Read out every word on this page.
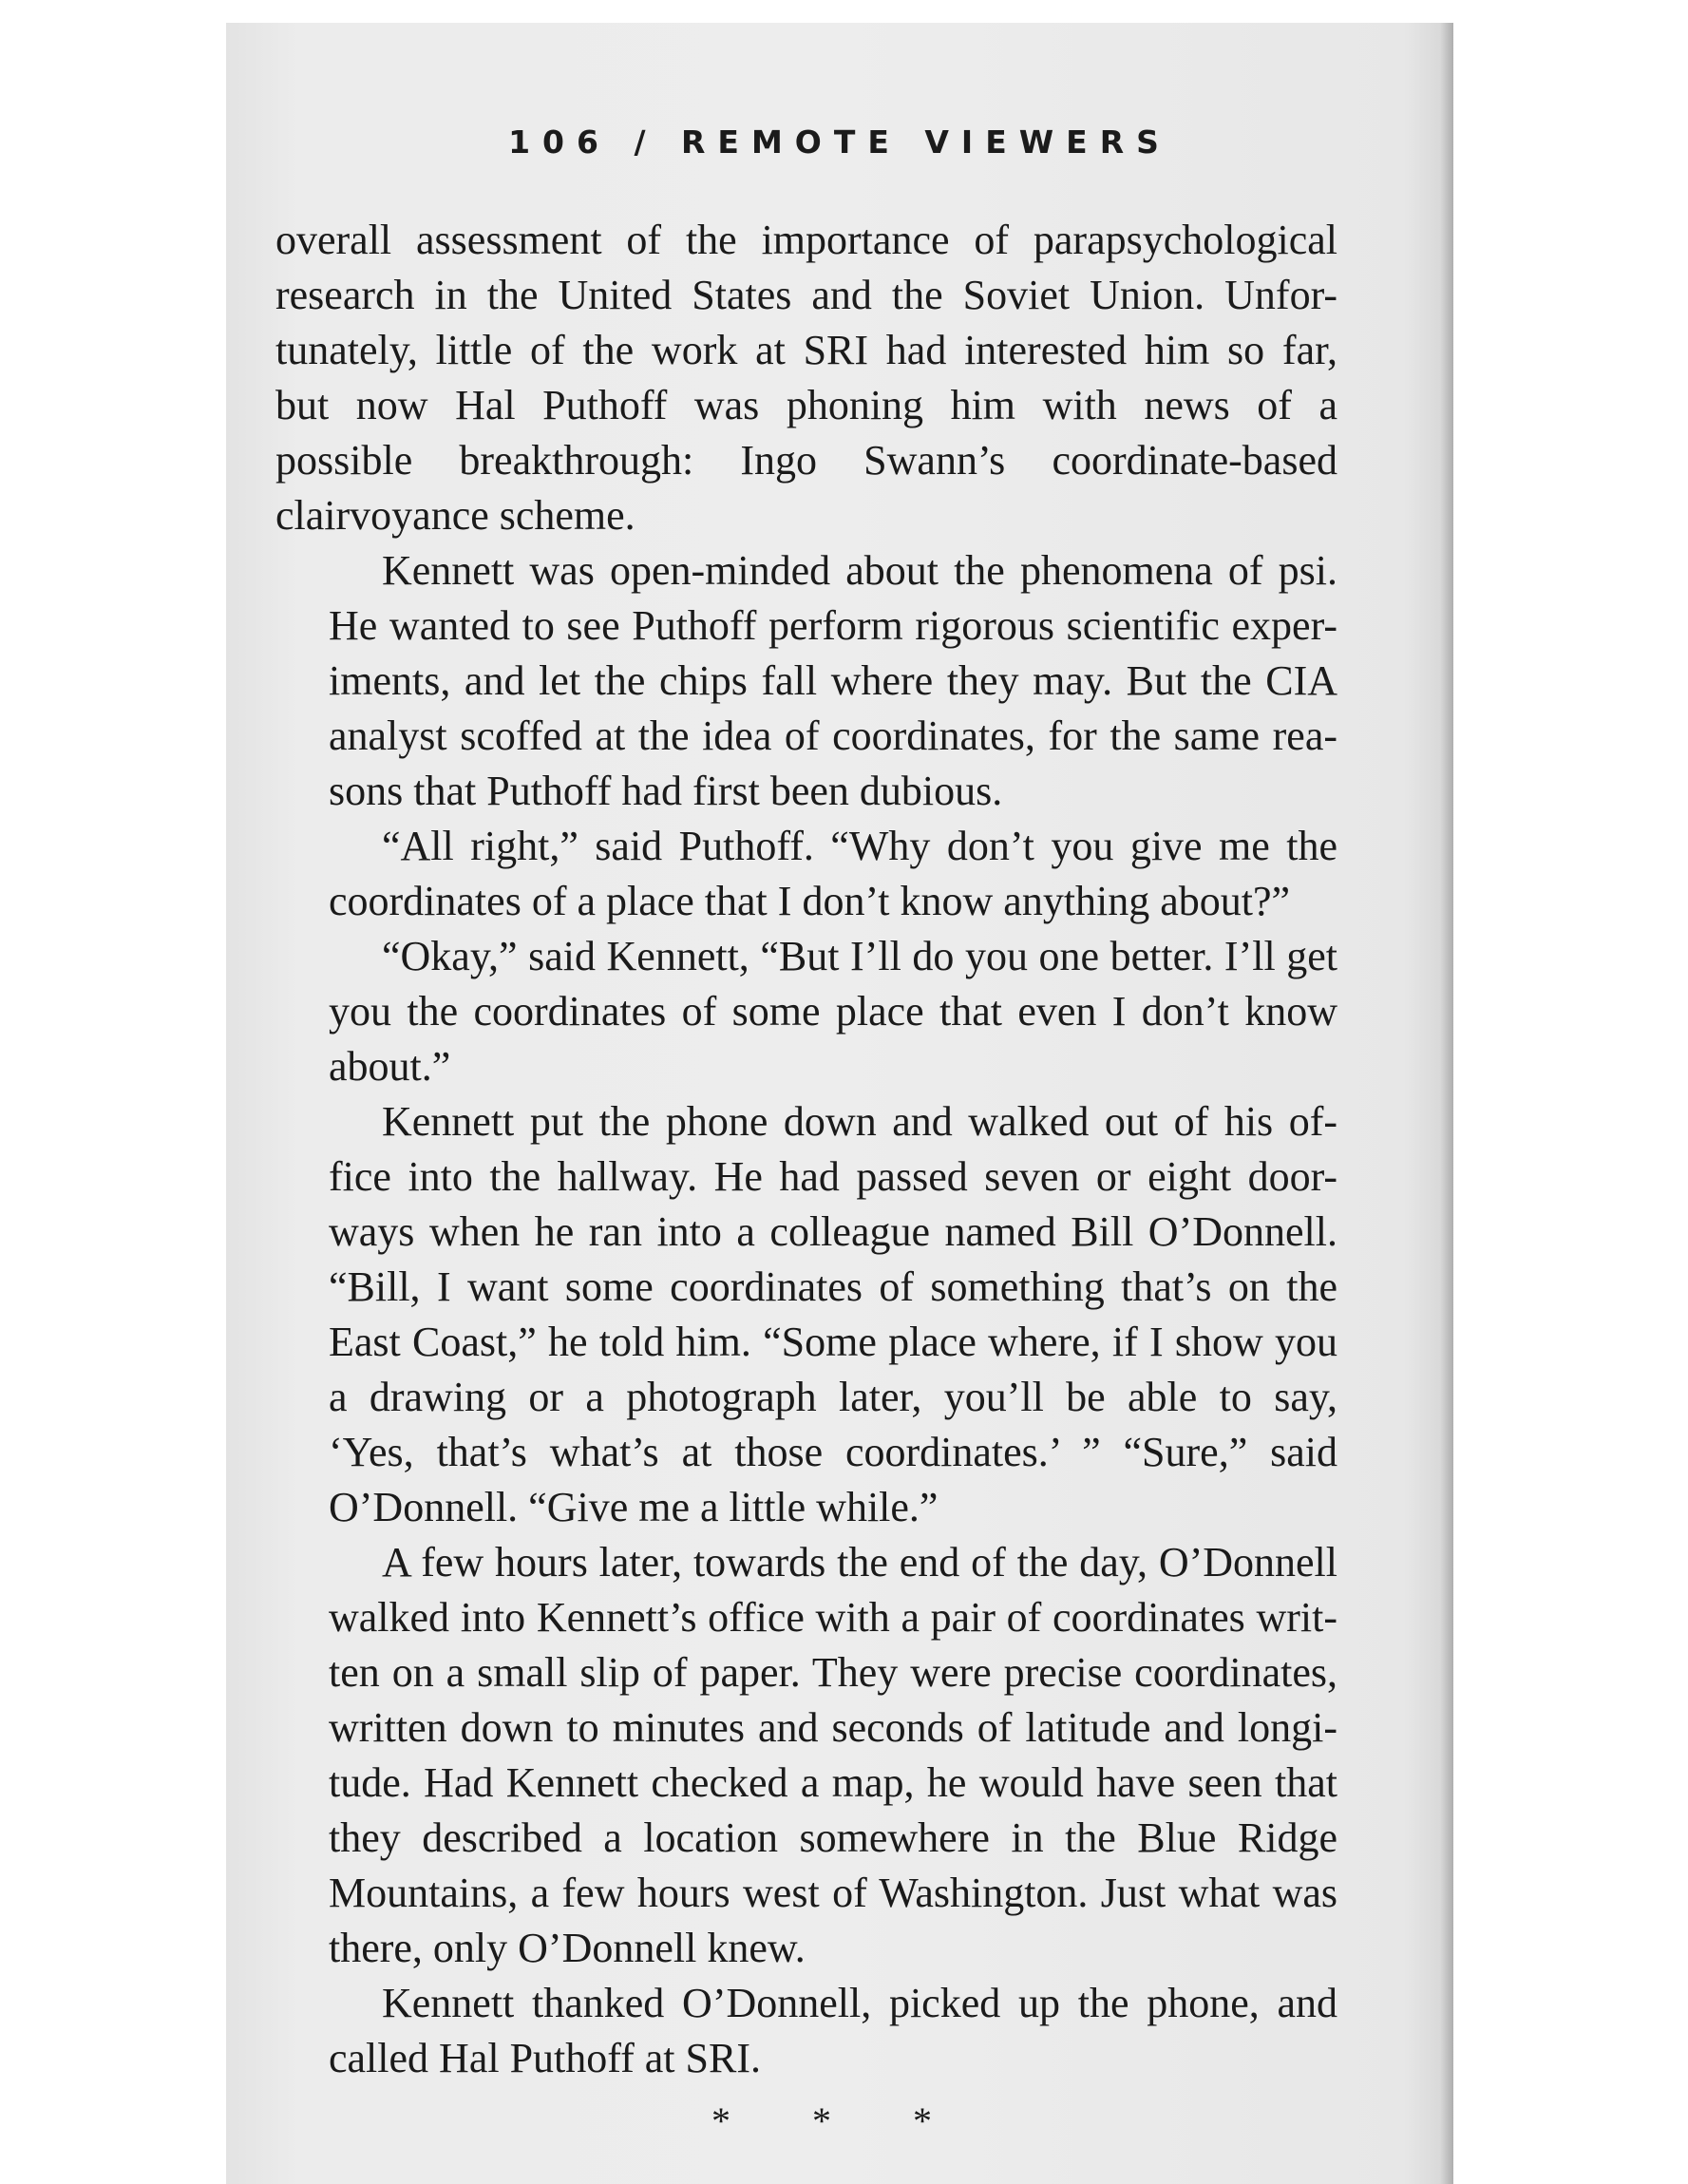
106 / REMOTE VIEWERS
overall assessment of the importance of parapsychological
research in the United States and the Soviet Union. Unfor-
tunately, little of the work at SRI had interested him so far,
but now Hal Puthoff was phoning him with news of a
possible breakthrough: Ingo Swann’s coordinate-based
clairvoyance scheme.
Kennett was open-minded about the phenomena of psi.
He wanted to see Puthoff perform rigorous scientific exper-
iments, and let the chips fall where they may. But the CIA
analyst scoffed at the idea of coordinates, for the same rea-
sons that Puthoff had first been dubious.
“All right,” said Puthoff. “Why don’t you give me the
coordinates of a place that I don’t know anything about?”
“Okay,” said Kennett, “But I’ll do you one better. I’ll get
you the coordinates of some place that even I don’t know
about.”
Kennett put the phone down and walked out of his of-
fice into the hallway. He had passed seven or eight door-
ways when he ran into a colleague named Bill O’Donnell.
“Bill, I want some coordinates of something that’s on the
East Coast,” he told him. “Some place where, if I show you
a drawing or a photograph later, you’ll be able to say,
‘Yes, that’s what’s at those coordinates.’ ” “Sure,” said
O’Donnell. “Give me a little while.”
A few hours later, towards the end of the day, O’Donnell
walked into Kennett’s office with a pair of coordinates writ-
ten on a small slip of paper. They were precise coordinates,
written down to minutes and seconds of latitude and longi-
tude. Had Kennett checked a map, he would have seen that
they described a location somewhere in the Blue Ridge
Mountains, a few hours west of Washington. Just what was
there, only O’Donnell knew.
Kennett thanked O’Donnell, picked up the phone, and
called Hal Puthoff at SRI.
* * *
